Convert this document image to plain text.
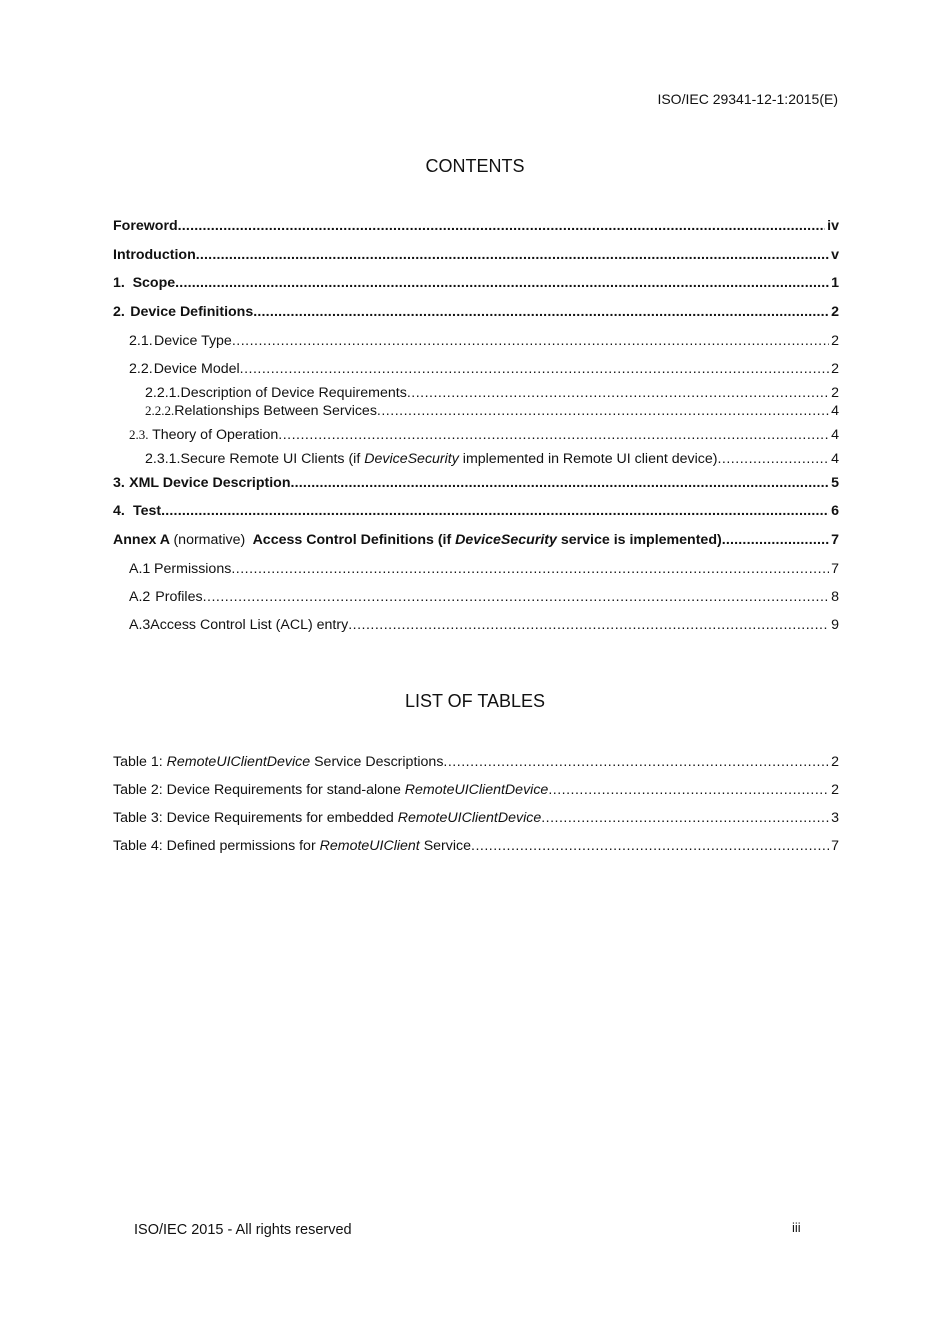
ISO/IEC 29341-12-1:2015(E)
CONTENTS
Foreword .....	iv
Introduction .....	v
1. Scope .....	1
2. Device Definitions .....	2
2.1. Device Type .....	2
2.2. Device Model .....	2
2.2.1. Description of Device Requirements .....	2
2.2.2. Relationships Between Services .....	4
2.3. Theory of Operation .....	4
2.3.1. Secure Remote UI Clients (if DeviceSecurity implemented in Remote UI client device) .....	4
3. XML Device Description .....	5
4. Test .....	6
Annex A (normative) Access Control Definitions (if DeviceSecurity service is implemented) .....	7
A.1 Permissions .....	7
A.2 Profiles .....	8
A.3 Access Control List (ACL) entry .....	9
LIST OF TABLES
Table 1: RemoteUIClientDevice Service Descriptions .....	2
Table 2: Device Requirements for stand-alone RemoteUIClientDevice .....	2
Table 3: Device Requirements for embedded RemoteUIClientDevice .....	3
Table 4: Defined permissions for RemoteUIClient Service .....	7
ISO/IEC 2015 - All rights reserved	iii
